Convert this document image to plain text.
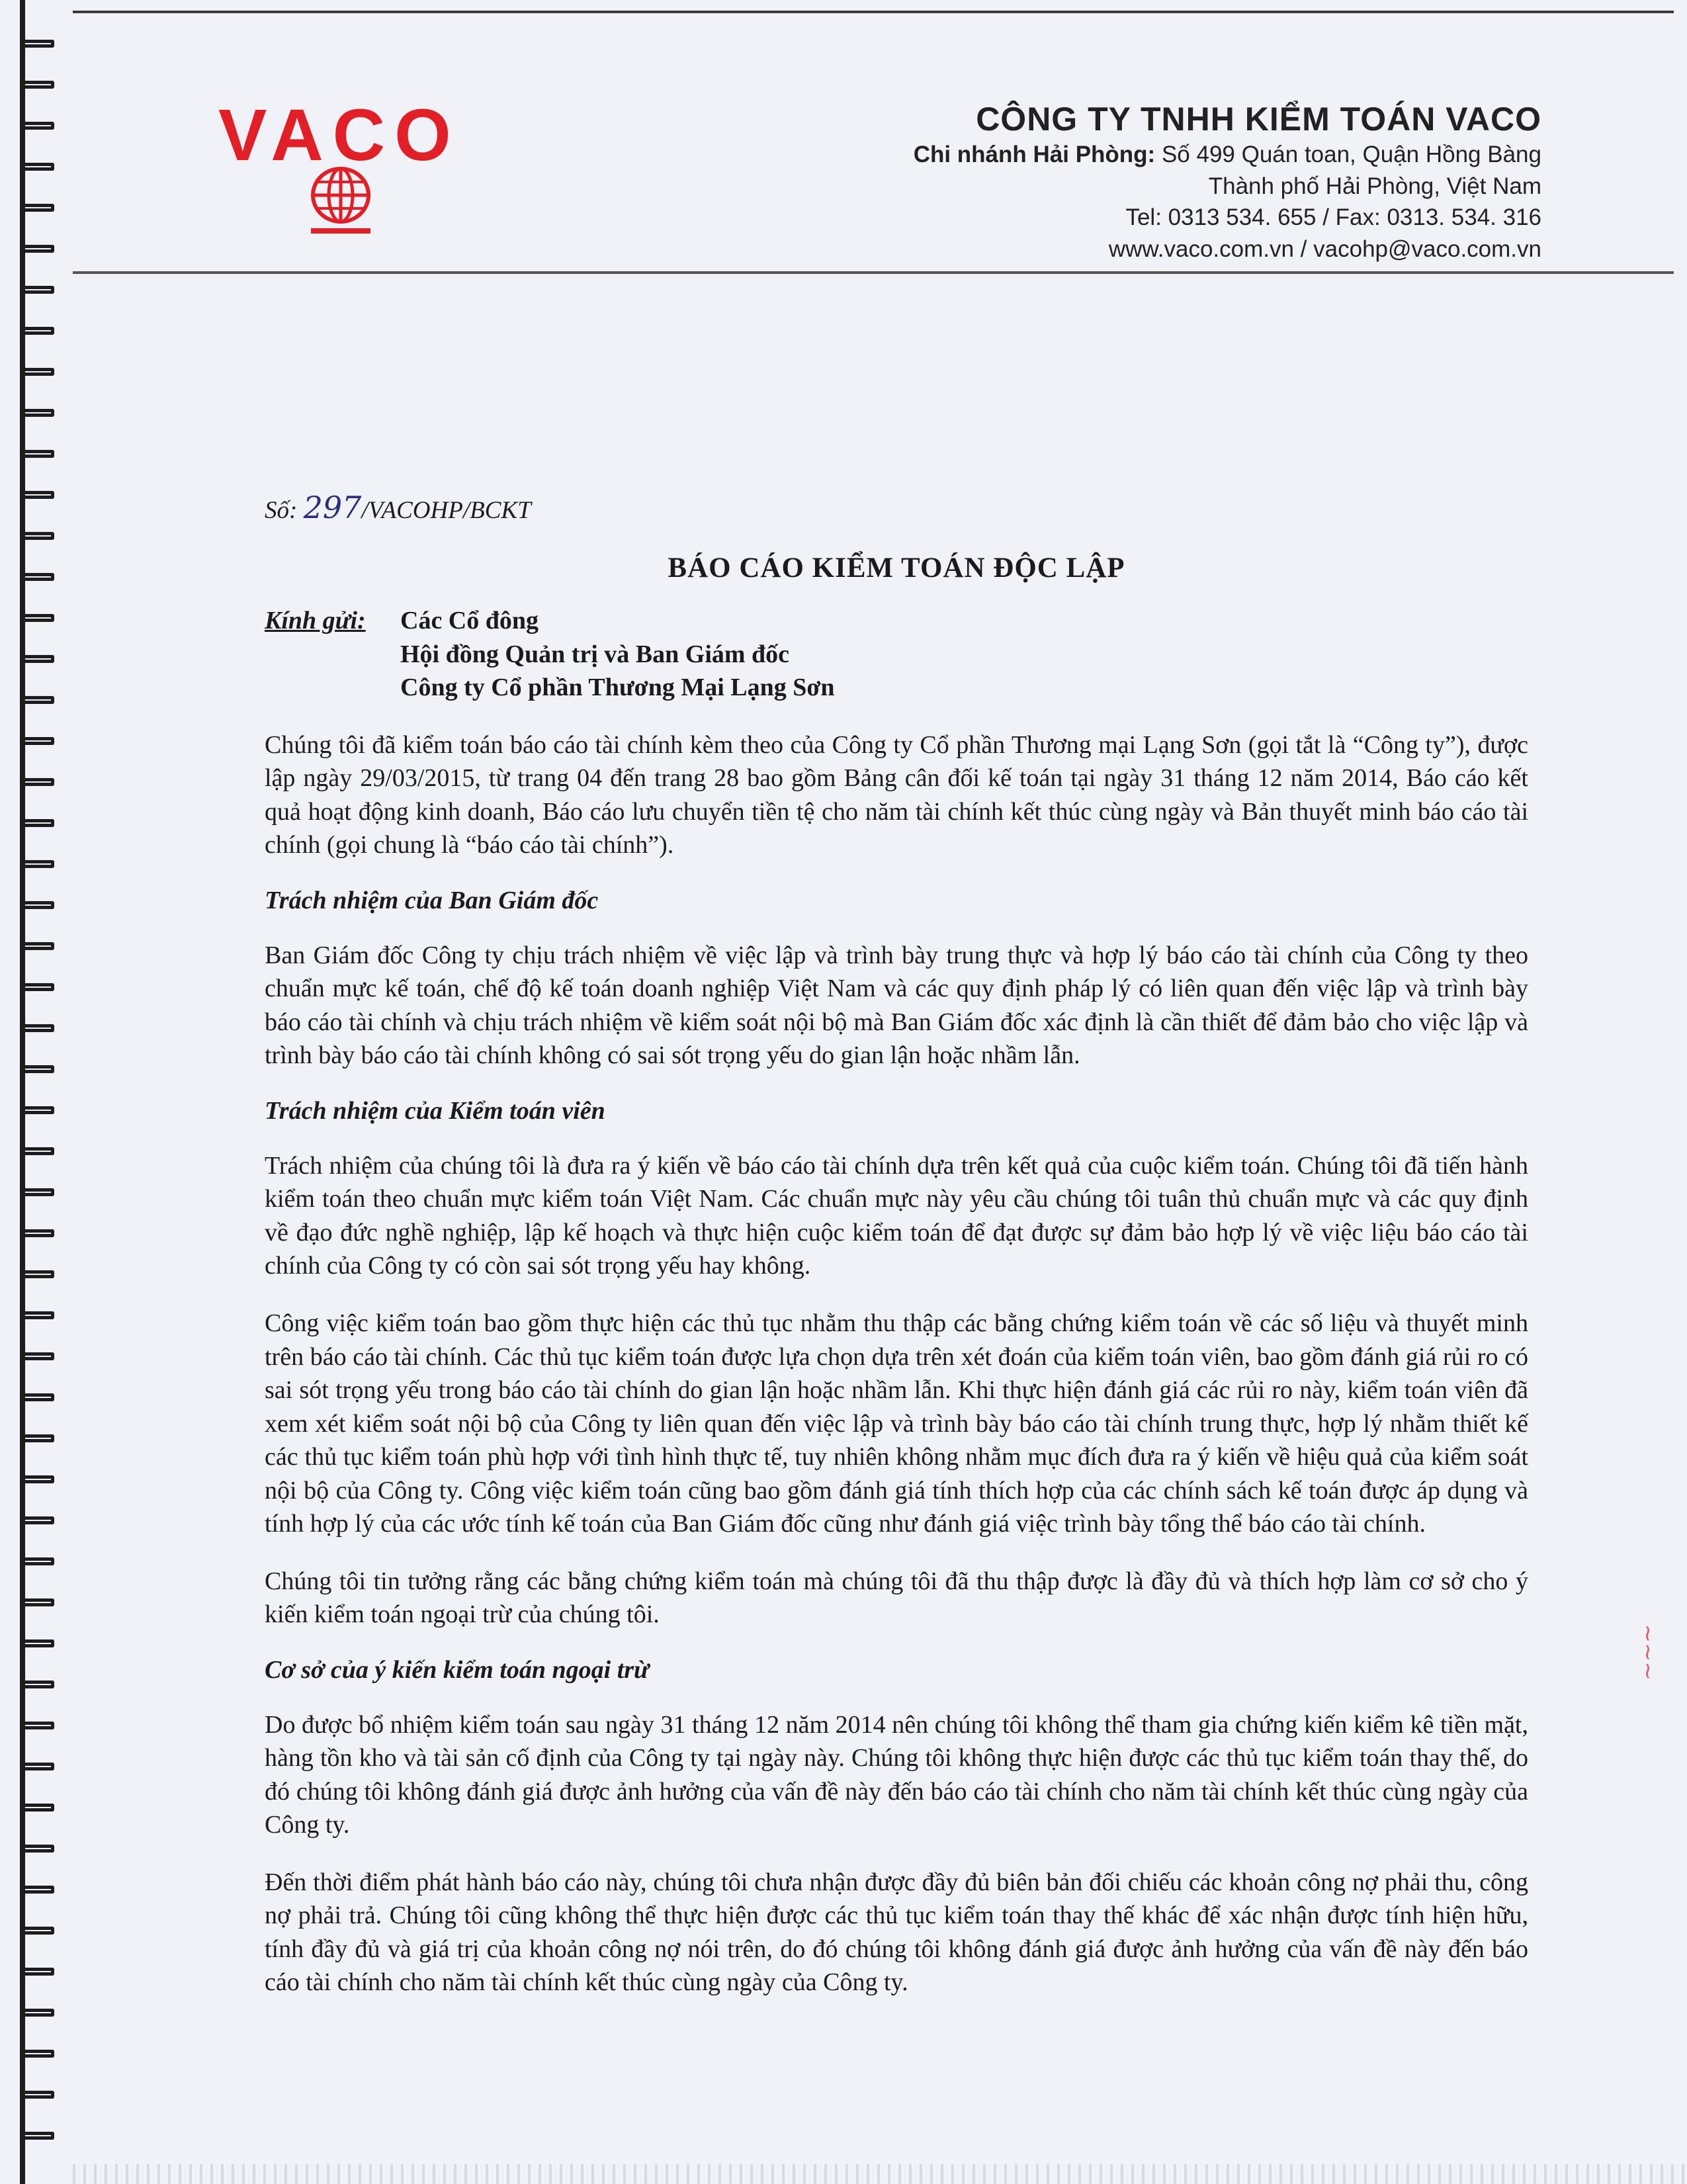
VACO	CÔNG TY TNHH KIỂM TOÁN VACO
Chi nhánh Hải Phòng: Số 499 Quán toan, Quận Hồng Bàng
Thành phố Hải Phòng, Việt Nam
Tel: 0313 534. 655 / Fax: 0313. 534. 316
www.vaco.com.vn / vacohp@vaco.com.vn
Số: 297/VACOHP/BCKT
BÁO CÁO KIỂM TOÁN ĐỘC LẬP
Kính gửi:	Các Cổ đông
Hội đồng Quản trị và Ban Giám đốc
Công ty Cổ phần Thương Mại Lạng Sơn

Chúng tôi đã kiểm toán báo cáo tài chính kèm theo của Công ty Cổ phần Thương mại Lạng Sơn (gọi tắt là “Công ty”), được lập ngày 29/03/2015, từ trang 04 đến trang 28 bao gồm Bảng cân đối kế toán tại ngày 31 tháng 12 năm 2014, Báo cáo kết quả hoạt động kinh doanh, Báo cáo lưu chuyển tiền tệ cho năm tài chính kết thúc cùng ngày và Bản thuyết minh báo cáo tài chính (gọi chung là “báo cáo tài chính”).

Trách nhiệm của Ban Giám đốc

Ban Giám đốc Công ty chịu trách nhiệm về việc lập và trình bày trung thực và hợp lý báo cáo tài chính của Công ty theo chuẩn mực kế toán, chế độ kế toán doanh nghiệp Việt Nam và các quy định pháp lý có liên quan đến việc lập và trình bày báo cáo tài chính và chịu trách nhiệm về kiểm soát nội bộ mà Ban Giám đốc xác định là cần thiết để đảm bảo cho việc lập và trình bày báo cáo tài chính không có sai sót trọng yếu do gian lận hoặc nhầm lẫn.

Trách nhiệm của Kiểm toán viên

Trách nhiệm của chúng tôi là đưa ra ý kiến về báo cáo tài chính dựa trên kết quả của cuộc kiểm toán. Chúng tôi đã tiến hành kiểm toán theo chuẩn mực kiểm toán Việt Nam. Các chuẩn mực này yêu cầu chúng tôi tuân thủ chuẩn mực và các quy định về đạo đức nghề nghiệp, lập kế hoạch và thực hiện cuộc kiểm toán để đạt được sự đảm bảo hợp lý về việc liệu báo cáo tài chính của Công ty có còn sai sót trọng yếu hay không.

Công việc kiểm toán bao gồm thực hiện các thủ tục nhằm thu thập các bằng chứng kiểm toán về các số liệu và thuyết minh trên báo cáo tài chính. Các thủ tục kiểm toán được lựa chọn dựa trên xét đoán của kiểm toán viên, bao gồm đánh giá rủi ro có sai sót trọng yếu trong báo cáo tài chính do gian lận hoặc nhầm lẫn. Khi thực hiện đánh giá các rủi ro này, kiểm toán viên đã xem xét kiểm soát nội bộ của Công ty liên quan đến việc lập và trình bày báo cáo tài chính trung thực, hợp lý nhằm thiết kế các thủ tục kiểm toán phù hợp với tình hình thực tế, tuy nhiên không nhằm mục đích đưa ra ý kiến về hiệu quả của kiểm soát nội bộ của Công ty. Công việc kiểm toán cũng bao gồm đánh giá tính thích hợp của các chính sách kế toán được áp dụng và tính hợp lý của các ước tính kế toán của Ban Giám đốc cũng như đánh giá việc trình bày tổng thể báo cáo tài chính.

Chúng tôi tin tưởng rằng các bằng chứng kiểm toán mà chúng tôi đã thu thập được là đầy đủ và thích hợp làm cơ sở cho ý kiến kiểm toán ngoại trừ của chúng tôi.

Cơ sở của ý kiến kiểm toán ngoại trừ

Do được bổ nhiệm kiểm toán sau ngày 31 tháng 12 năm 2014 nên chúng tôi không thể tham gia chứng kiến kiểm kê tiền mặt, hàng tồn kho và tài sản cố định của Công ty tại ngày này. Chúng tôi không thực hiện được các thủ tục kiểm toán thay thế, do đó chúng tôi không đánh giá được ảnh hưởng của vấn đề này đến báo cáo tài chính cho năm tài chính kết thúc cùng ngày của Công ty.

Đến thời điểm phát hành báo cáo này, chúng tôi chưa nhận được đầy đủ biên bản đối chiếu các khoản công nợ phải thu, công nợ phải trả. Chúng tôi cũng không thể thực hiện được các thủ tục kiểm toán thay thế khác để xác nhận được tính hiện hữu, tính đầy đủ và giá trị của khoản công nợ nói trên, do đó chúng tôi không đánh giá được ảnh hưởng của vấn đề này đến báo cáo tài chính cho năm tài chính kết thúc cùng ngày của Công ty.

~~~
